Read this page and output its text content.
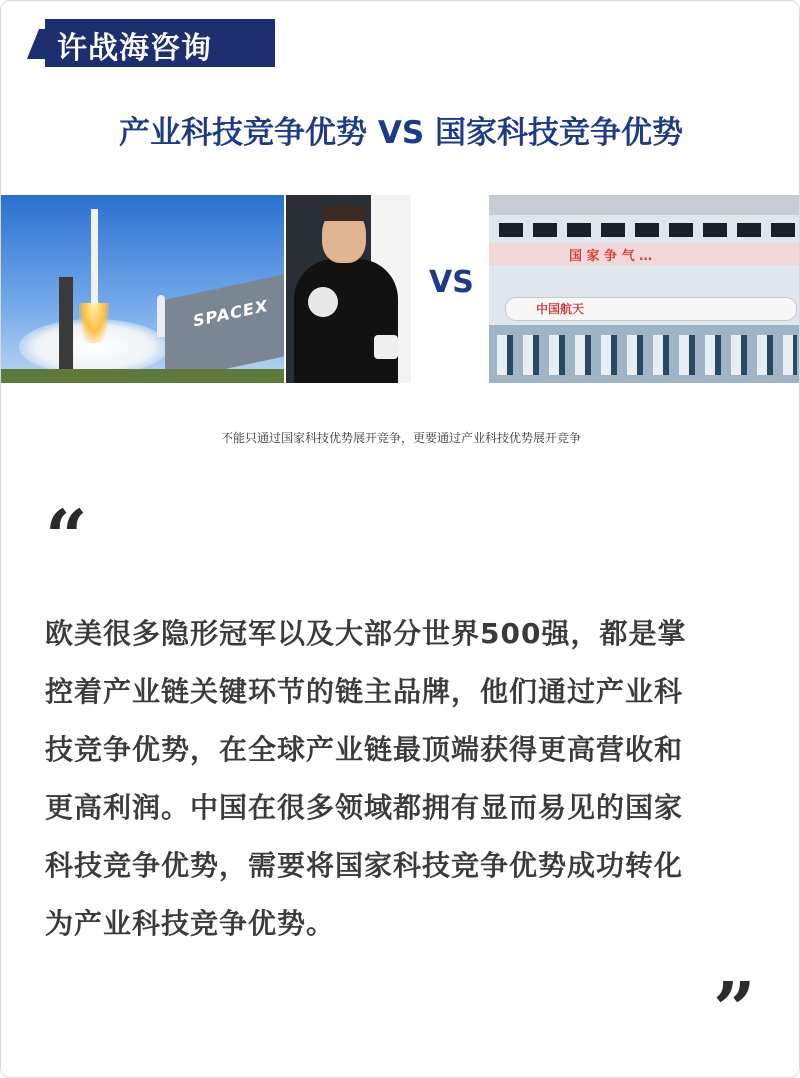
许战海咨询
产业科技竞争优势 VS 国家科技竞争优势
SPACEX
VS
国 家 争 气 …
中国航天
不能只通过国家科技优势展开竞争，更要通过产业科技优势展开竞争
“
欧美很多隐形冠军以及大部分世界500强，都是掌
控着产业链关键环节的链主品牌，他们通过产业科
技竞争优势，在全球产业链最顶端获得更高营收和
更高利润。中国在很多领域都拥有显而易见的国家
科技竞争优势，需要将国家科技竞争优势成功转化
为产业科技竞争优势。
”
